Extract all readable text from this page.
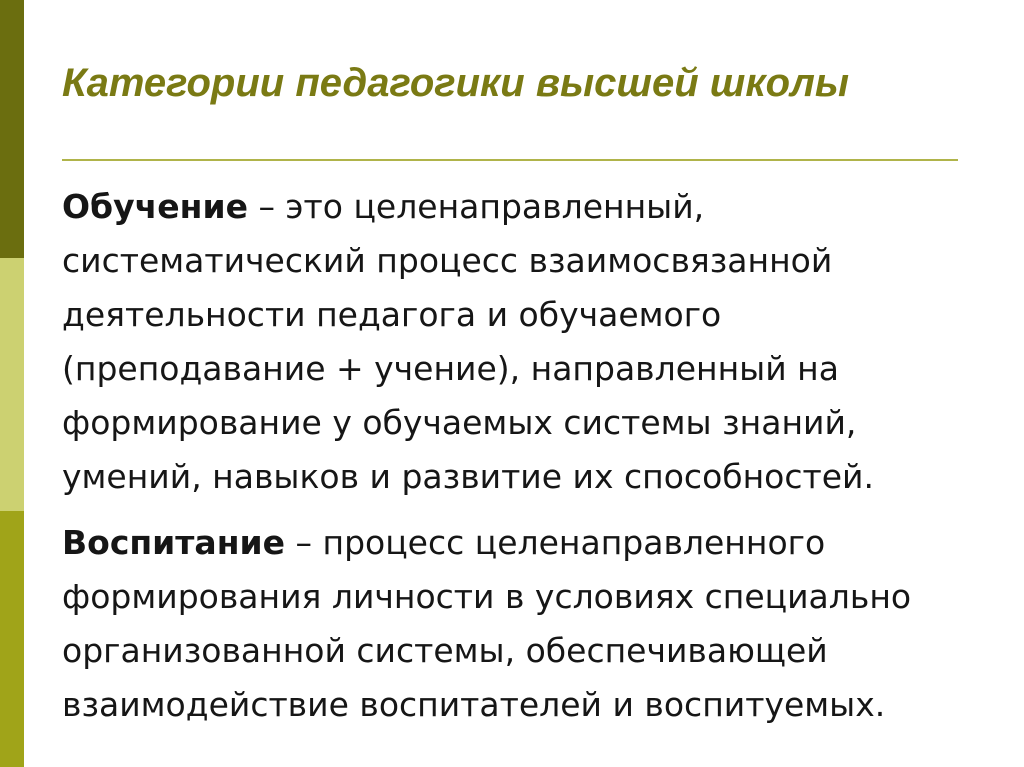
Категории педагогики высшей школы

Обучение – это целенаправленный, систематический процесс взаимосвязанной деятельности педагога и обучаемого (преподавание + учение), направленный на формирование у обучаемых системы знаний, умений, навыков и развитие их способностей.

Воспитание – процесс целенаправленного формирования личности в условиях специально организованной системы, обеспечивающей взаимодействие воспитателей и воспитуемых.
